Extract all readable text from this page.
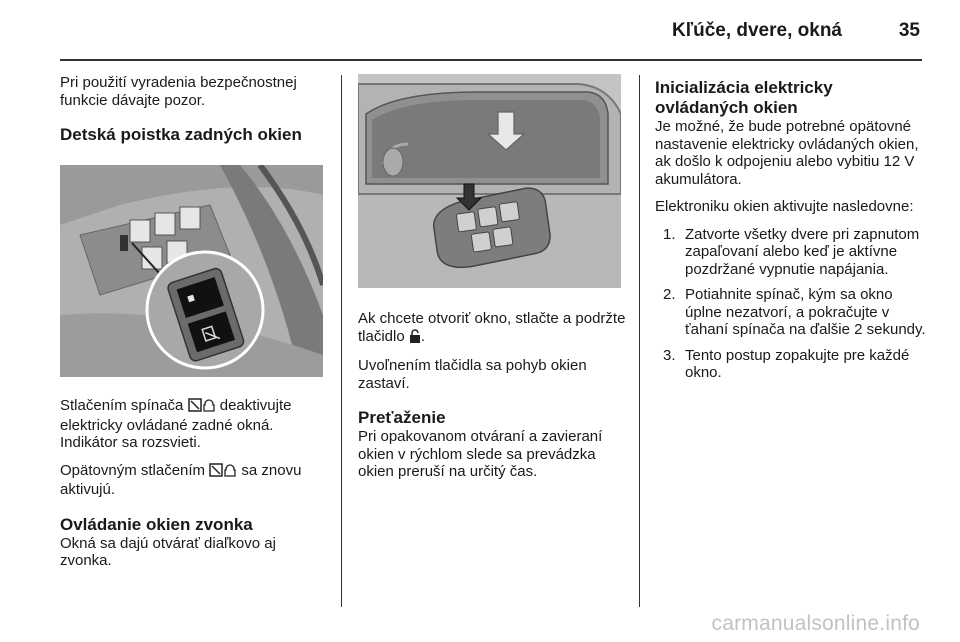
Kľúče, dvere, okná	35

Pri použití vyradenia bezpečnostnej funkcie dávajte pozor.

Detská poistka zadných okien

Stlačením spínača deaktivujte elektricky ovládané zadné okná. Indikátor sa rozsvieti.

Opätovným stlačením sa znovu aktivujú.

Ovládanie okien zvonka

Okná sa dajú otvárať diaľkovo aj zvonka.

Ak chcete otvoriť okno, stlačte a podržte tlačidlo .

Uvoľnením tlačidla sa pohyb okien zastaví.

Preťaženie

Pri opakovanom otváraní a zavieraní okien v rýchlom slede sa prevádzka okien preruší na určitý čas.

Inicializácia elektricky ovládaných okien

Je možné, že bude potrebné opätovné nastavenie elektricky ovládaných okien, ak došlo k odpojeniu alebo vybitiu 12 V akumulátora.

Elektroniku okien aktivujte nasledovne:

1. Zatvorte všetky dvere pri zapnutom zapaľovaní alebo keď je aktívne pozdržané vypnutie napájania.
2. Potiahnite spínač, kým sa okno úplne nezatvorí, a pokračujte v ťahaní spínača na ďalšie 2 sekundy.
3. Tento postup zopakujte pre každé okno.
carmanualsonline.info
